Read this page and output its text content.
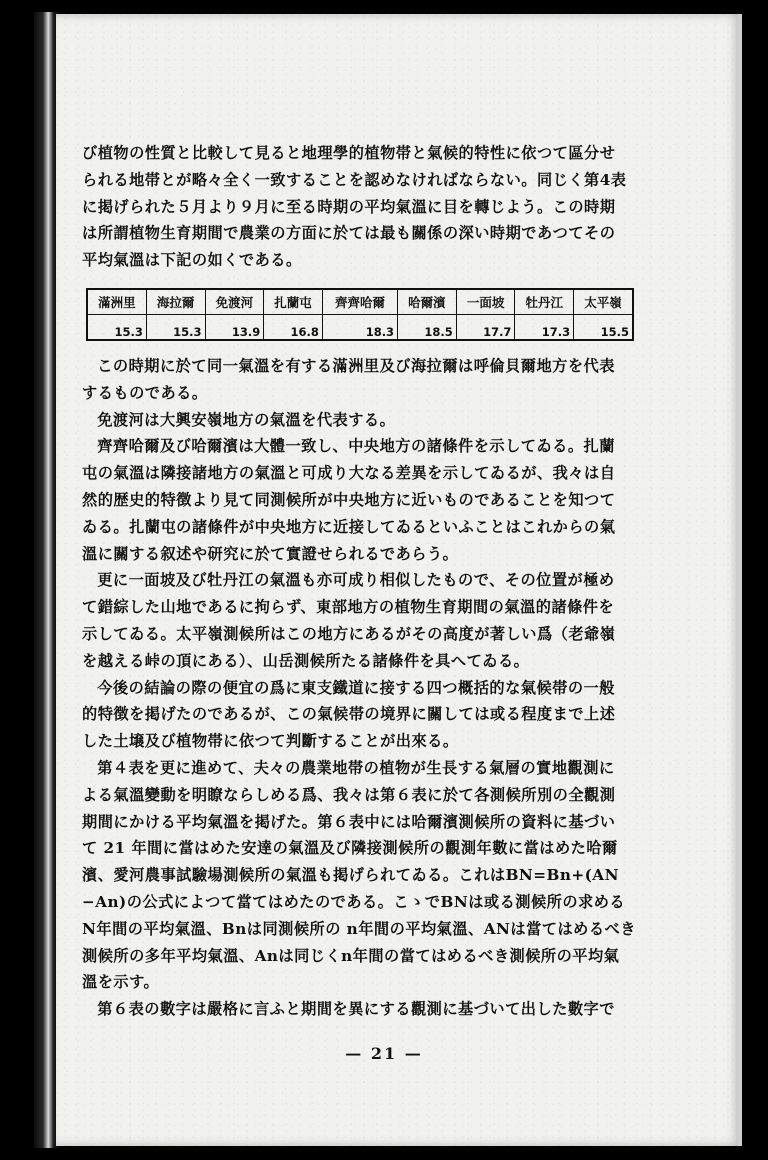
び植物の性質と比較して見ると地理學的植物帯と氣候的特性に依つて區分せ
られる地帯とが略々全く一致することを認めなければならない。同じく第4表
に掲げられた５月より９月に至る時期の平均氣溫に目を轉じよう。この時期
は所謂植物生育期間で農業の方面に於ては最も關係の深い時期であつてその
平均氣溫は下記の如くである。

滿洲里	海拉爾	免渡河	扎蘭屯	齊齊哈爾	哈爾濱	一面坡	牡丹江	太平嶺
15.3	15.3	13.9	16.8	18.3	18.5	17.7	17.3	15.5

この時期に於て同一氣溫を有する滿洲里及び海拉爾は呼倫貝爾地方を代表
するものである。

免渡河は大興安嶺地方の氣溫を代表する。

齊齊哈爾及び哈爾濱は大體一致し、中央地方の諸條件を示してゐる。扎蘭
屯の氣溫は隣接諸地方の氣溫と可成り大なる差異を示してゐるが、我々は自
然的歴史的特徴より見て同測候所が中央地方に近いものであることを知つて
ゐる。扎蘭屯の諸條件が中央地方に近接してゐるといふことはこれからの氣
溫に關する叙述や研究に於て實證せられるであらう。

更に一面坡及び牡丹江の氣溫も亦可成り相似したもので、その位置が極め
て錯綜した山地であるに拘らず、東部地方の植物生育期間の氣溫的諸條件を
示してゐる。太平嶺測候所はこの地方にあるがその高度が著しい爲（老爺嶺
を越える峠の頂にある）、山岳測候所たる諸條件を具へてゐる。

今後の結論の際の便宜の爲に東支鐵道に接する四つ概括的な氣候帯の一般
的特徴を掲げたのであるが、この氣候帯の境界に關しては或る程度まで上述
した土壌及び植物帯に依つて判斷することが出來る。

第４表を更に進めて、夫々の農業地帯の植物が生長する氣層の實地觀測に
よる氣溫變動を明瞭ならしめる爲、我々は第６表に於て各測候所別の全觀測
期間にかける平均氣溫を掲げた。第６表中には哈爾濱測候所の資料に基づい
て 21 年間に當はめた安達の氣溫及び隣接測候所の觀測年數に當はめた哈爾
濱、愛河農事試驗場測候所の氣溫も掲げられてゐる。これはBN=Bn+(AN
−An)の公式によつて當てはめたのである。こゝでBNは或る測候所の求める
N年間の平均氣溫、Bnは同測候所の n年間の平均氣溫、ANは當てはめるべき
測候所の多年平均氣溫、Anは同じくn年間の當てはめるべき測候所の平均氣
溫を示す。

第６表の數字は嚴格に言ふと期間を異にする觀測に基づいて出した數字で

— 21 —
